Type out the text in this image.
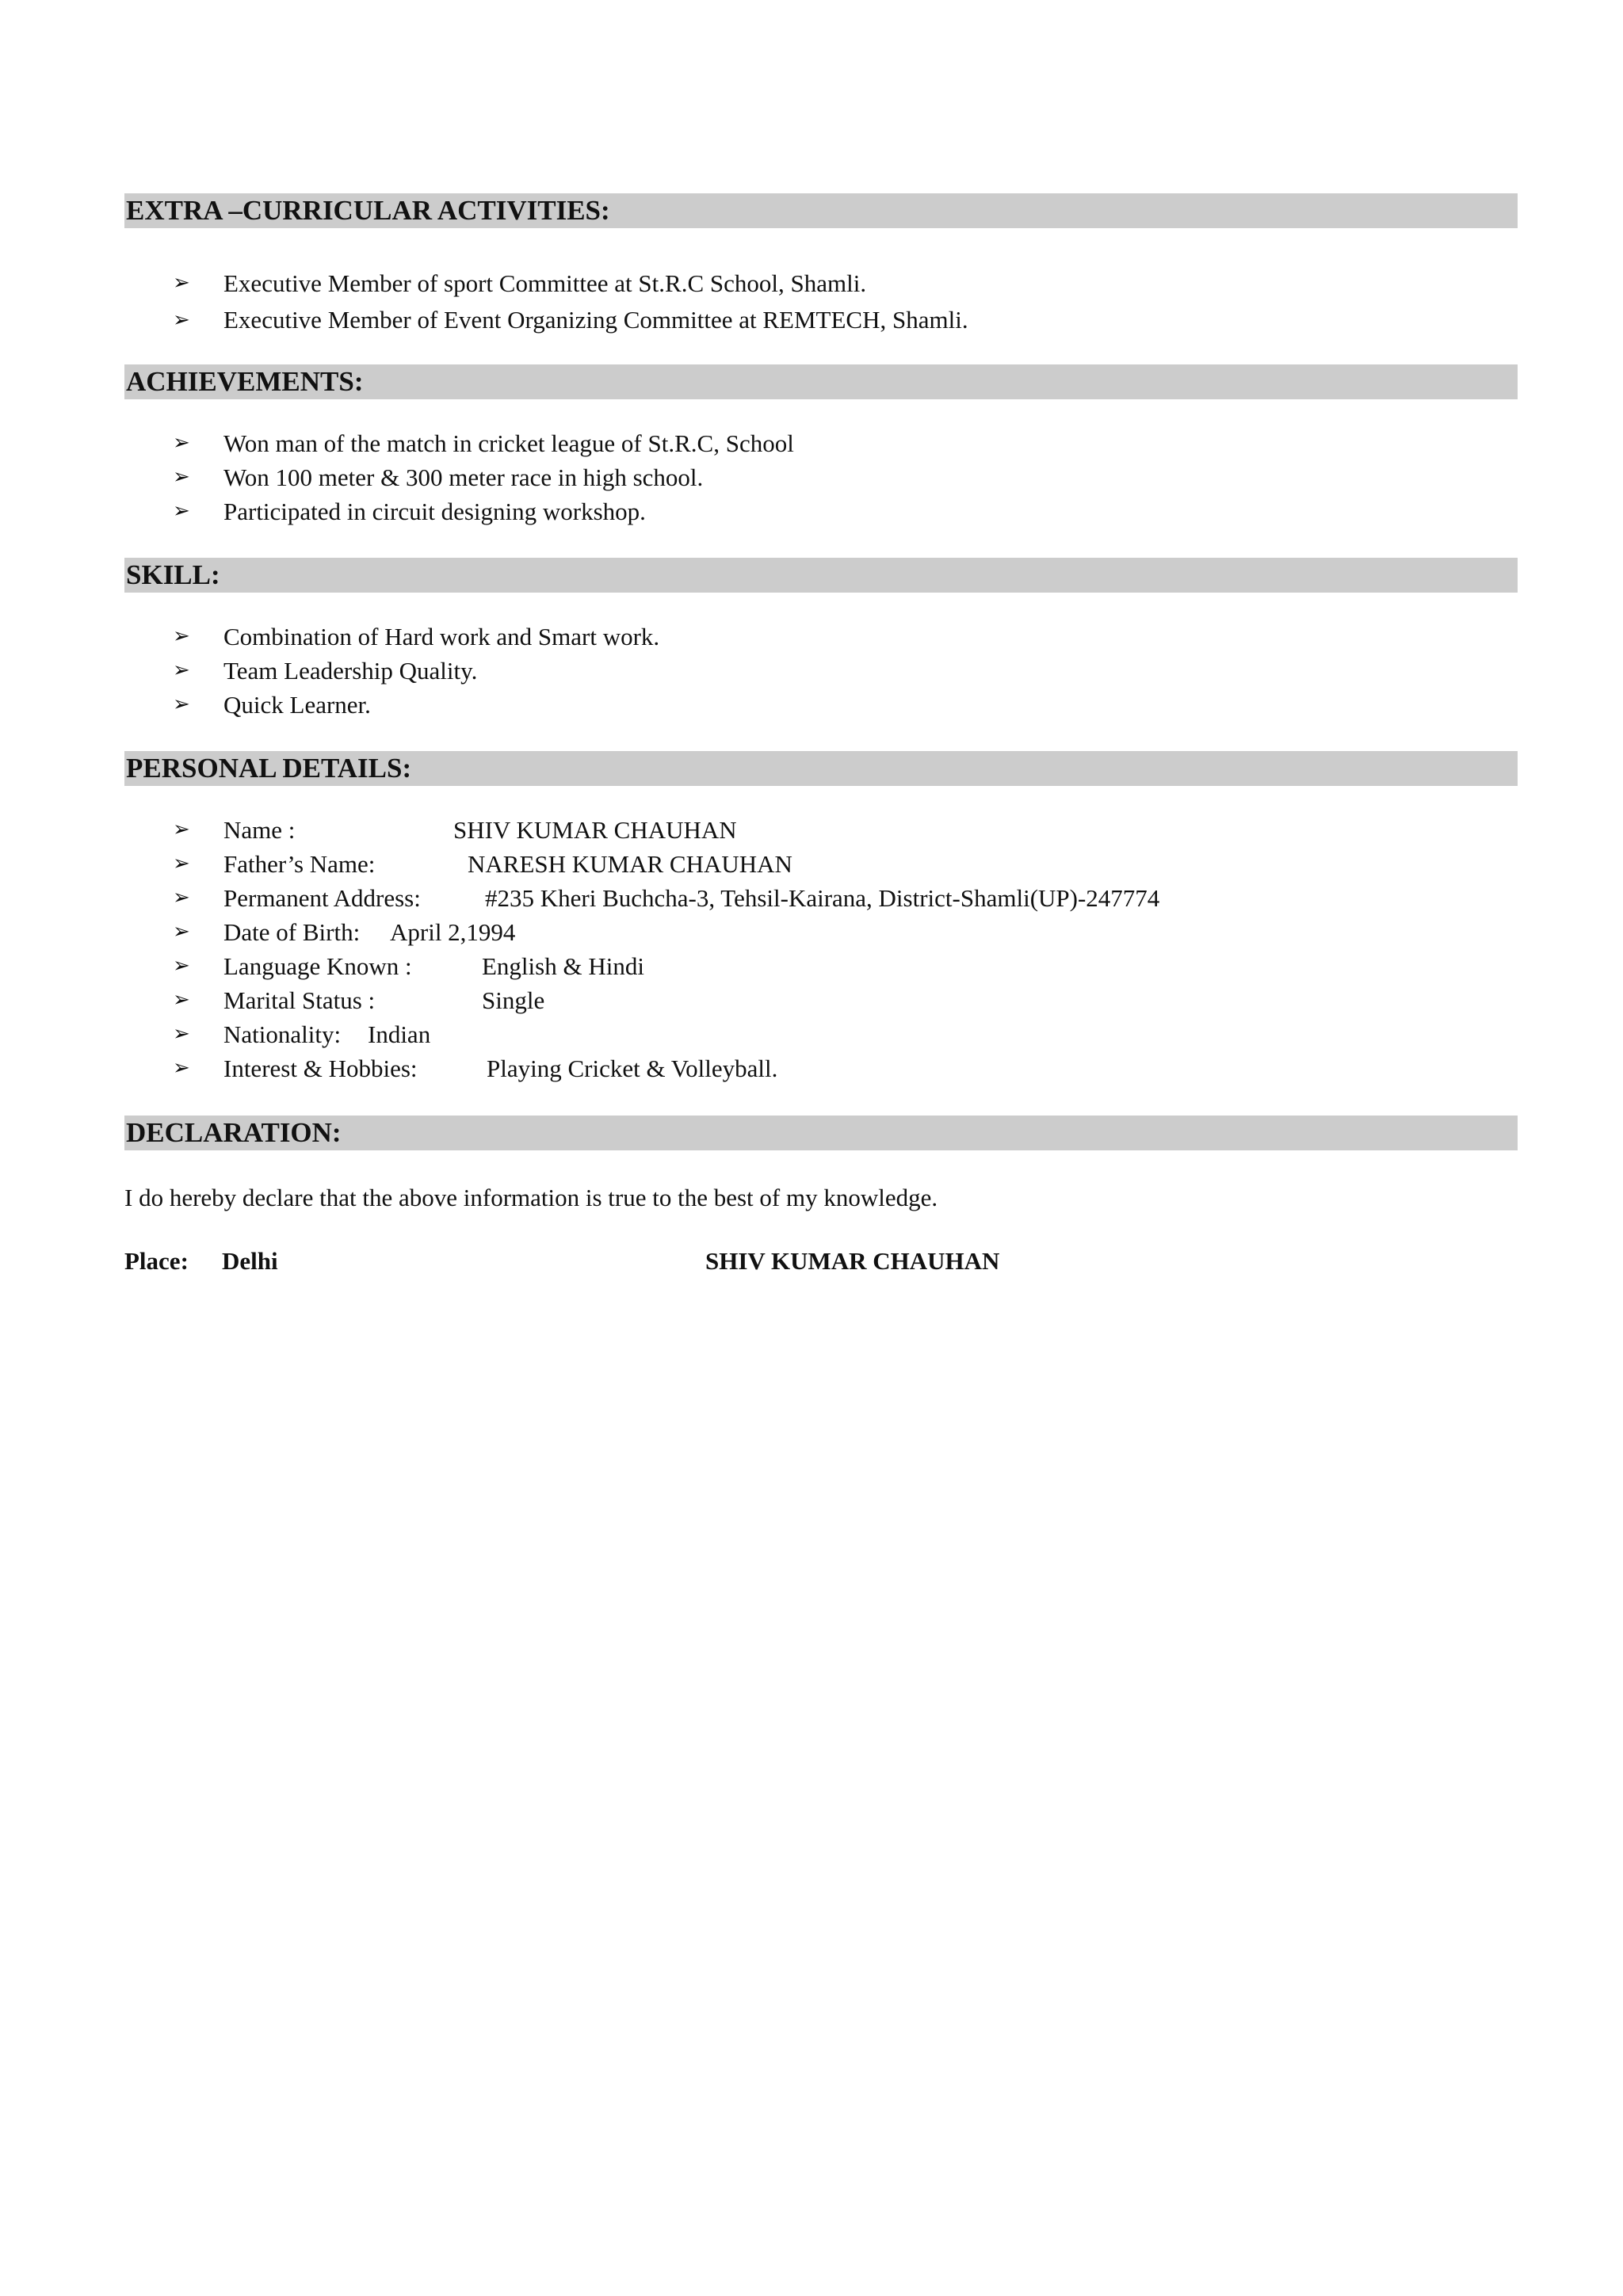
EXTRA –CURRICULAR ACTIVITIES:
➢ Executive Member of sport Committee at St.R.C School, Shamli.
➢ Executive Member of Event Organizing Committee at REMTECH, Shamli.
ACHIEVEMENTS:
➢ Won man of the match in cricket league of St.R.C, School
➢ Won 100 meter & 300 meter race in high school.
➢ Participated in circuit designing workshop.
SKILL:
➢ Combination of Hard work and Smart work.
➢ Team Leadership Quality.
➢ Quick Learner.
PERSONAL DETAILS:
➢ Name :	SHIV KUMAR CHAUHAN
➢ Father’s Name:	NARESH KUMAR CHAUHAN
➢ Permanent Address:	#235 Kheri Buchcha-3, Tehsil-Kairana, District-Shamli(UP)-247774
➢ Date of Birth: April 2,1994
➢ Language Known :	English & Hindi
➢ Marital Status :	Single
➢ Nationality: Indian
➢ Interest & Hobbies:	Playing Cricket & Volleyball.
DECLARATION:
I do hereby declare that the above information is true to the best of my knowledge.
Place: Delhi	SHIV KUMAR CHAUHAN
